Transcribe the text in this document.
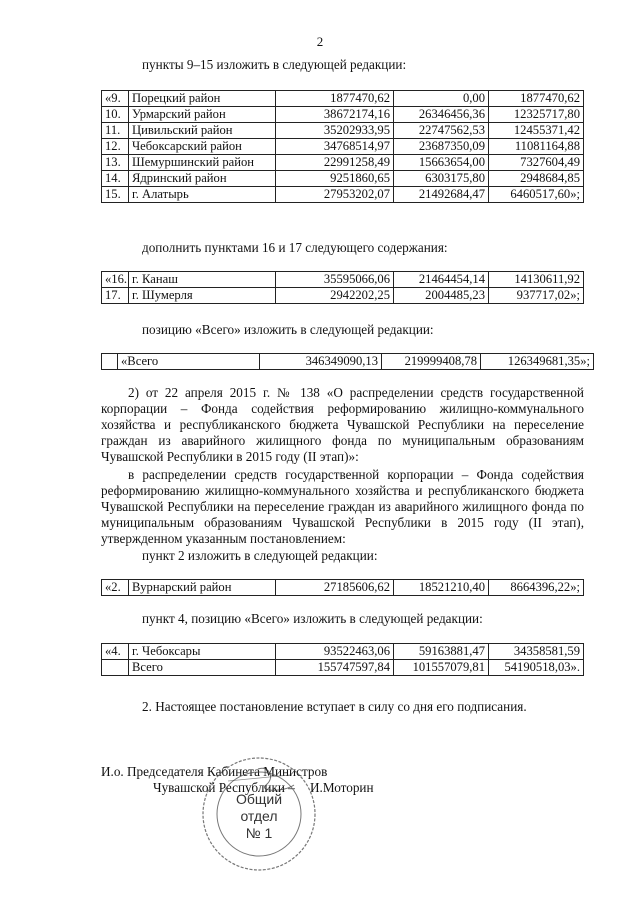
2
пункты 9–15 изложить в следующей редакции:
«9.	Порецкий район	1877470,62	0,00	1877470,62
10.	Урмарский район	38672174,16	26346456,36	12325717,80
11.	Цивильский район	35202933,95	22747562,53	12455371,42
12.	Чебоксарский район	34768514,97	23687350,09	11081164,88
13.	Шемуршинский район	22991258,49	15663654,00	7327604,49
14.	Ядринский район	9251860,65	6303175,80	2948684,85
15.	г. Алатырь	27953202,07	21492684,47	6460517,60»;
дополнить пунктами 16 и 17 следующего содержания:
«16.	г. Канаш	35595066,06	21464454,14	14130611,92
17.	г. Шумерля	2942202,25	2004485,23	937717,02»;
позицию «Всего» изложить в следующей редакции:
	«Всего	346349090,13	219999408,78	126349681,35»;
2) от 22 апреля 2015 г. № 138 «О распределении средств государственной корпорации – Фонда содействия реформированию жилищно-коммунального хозяйства и республиканского бюджета Чувашской Республики на переселение граждан из аварийного жилищного фонда по муниципальным образованиям Чувашской Республики в 2015 году (II этап)»:
в распределении средств государственной корпорации – Фонда содействия реформированию жилищно-коммунального хозяйства и республиканского бюджета Чувашской Республики на переселение граждан из аварийного жилищного фонда по муниципальным образованиям Чувашской Республики в 2015 году (II этап), утвержденном указанным постановлением:
пункт 2 изложить в следующей редакции:
«2.	Вурнарский район	27185606,62	18521210,40	8664396,22»;
пункт 4, позицию «Всего» изложить в следующей редакции:
«4.	г. Чебоксары	93522463,06	59163881,47	34358581,59
	Всего	155747597,84	101557079,81	54190518,03».
2. Настоящее постановление вступает в силу со дня его подписания.
И.о. Председателя Кабинета Министров
Чувашской Республики – И.Моторин
Общий
отдел
№ 1
